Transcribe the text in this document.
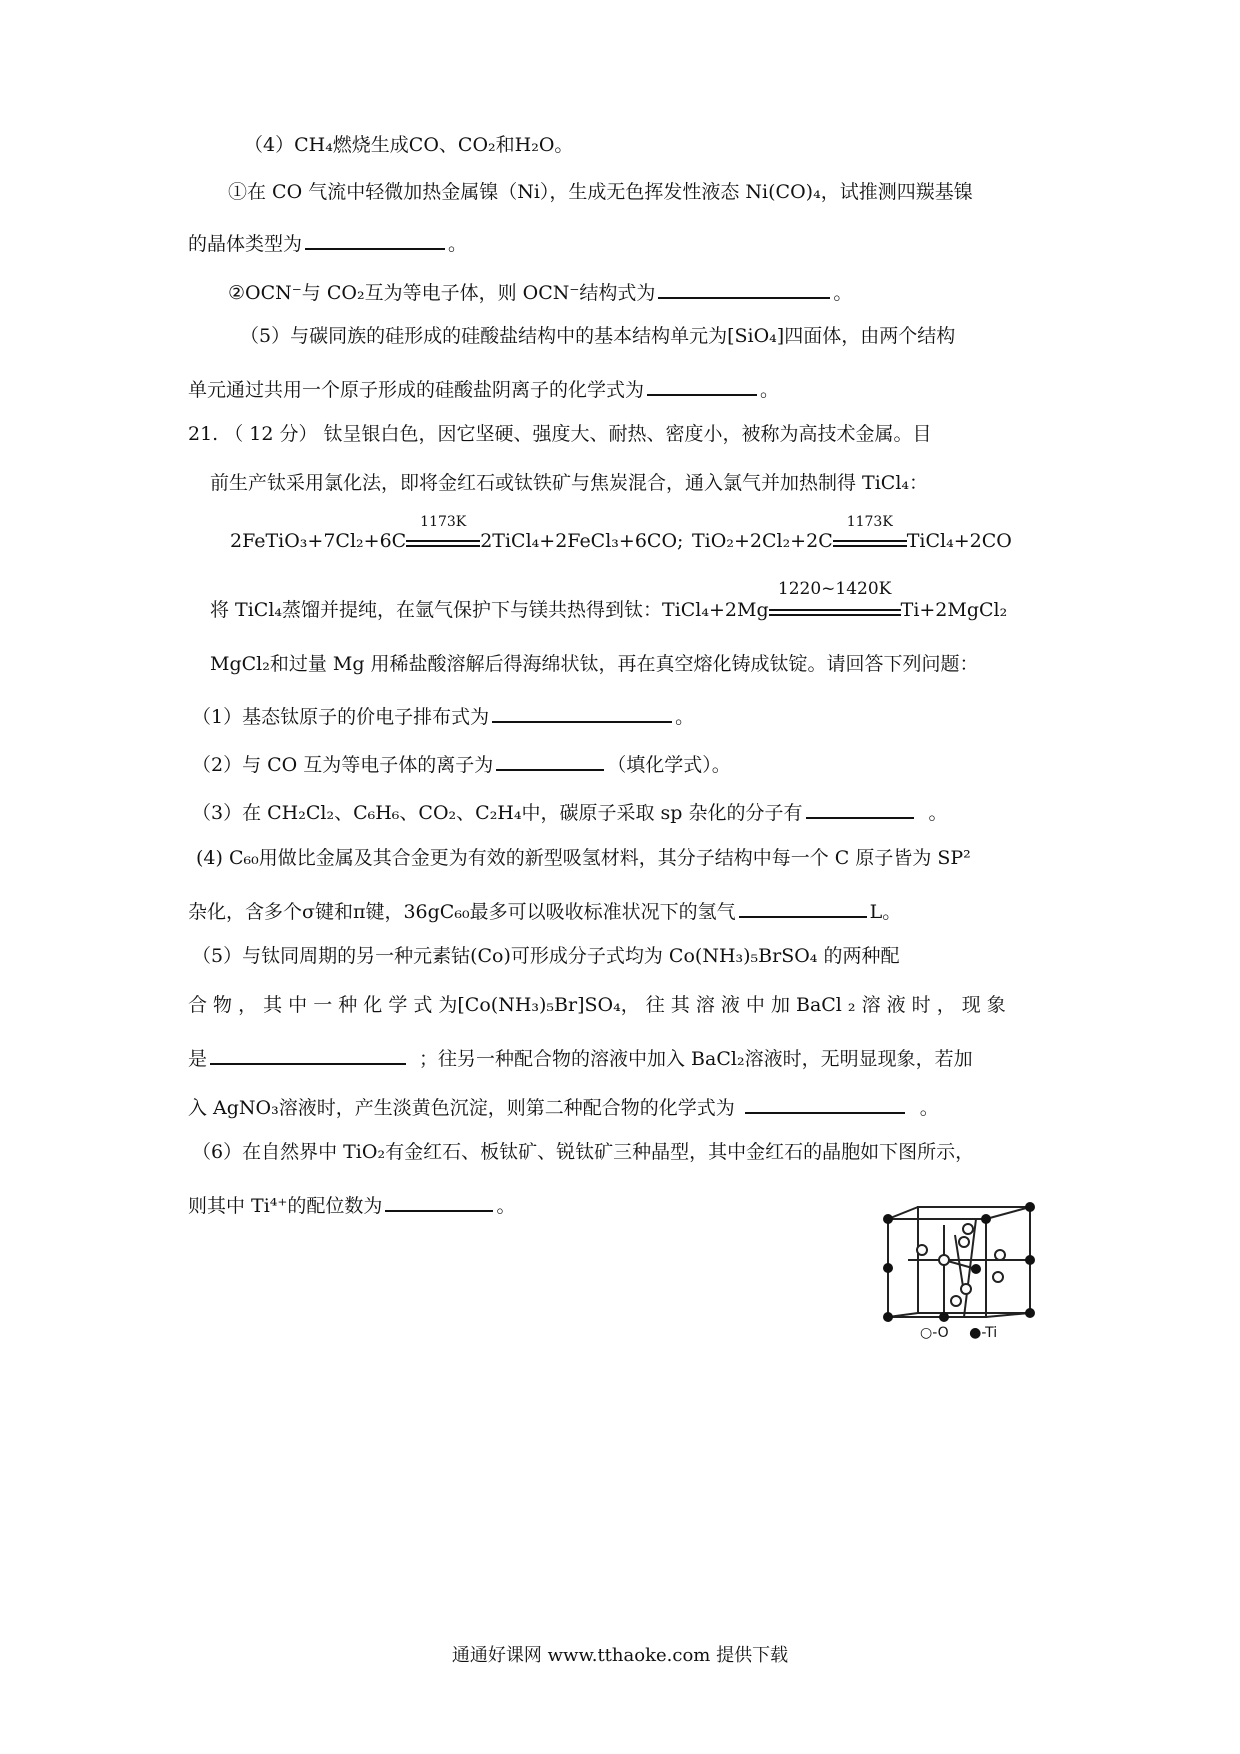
（4）CH₄燃烧生成CO、CO₂和H₂O。
①在 CO 气流中轻微加热金属镍（Ni），生成无色挥发性液态 Ni(CO)₄，试推测四羰基镍
的晶体类型为	。
②OCN⁻与 CO₂互为等电子体，则 OCN⁻结构式为	。
（5）与碳同族的硅形成的硅酸盐结构中的基本结构单元为[SiO₄]四面体，由两个结构
单元通过共用一个原子形成的硅酸盐阴离子的化学式为	。
21. （ 12 分） 钛呈银白色，因它坚硬、强度大、耐热、密度小，被称为高技术金属。目
前生产钛采用氯化法，即将金红石或钛铁矿与焦炭混合，通入氯气并加热制得 TiCl₄：
2FeTiO₃+7Cl₂+6C
1173K
2TiCl₄+2FeCl₃+6CO; TiO₂+2Cl₂+2C
1173K
TiCl₄+2CO
将 TiCl₄蒸馏并提纯，在氩气保护下与镁共热得到钛：TiCl₄+2Mg
1220~1420K
Ti+2MgCl₂
MgCl₂和过量 Mg 用稀盐酸溶解后得海绵状钛，再在真空熔化铸成钛锭。请回答下列问题：
（1）基态钛原子的价电子排布式为	。
（2）与 CO 互为等电子体的离子为	（填化学式）。
（3）在 CH₂Cl₂、C₆H₆、CO₂、C₂H₄中，碳原子采取 sp 杂化的分子有	。
(4) C₆₀用做比金属及其合金更为有效的新型吸氢材料，其分子结构中每一个 C 原子皆为 SP²
杂化，含多个σ键和π键，36gC₆₀最多可以吸收标准状况下的氢气	L。
（5）与钛同周期的另一种元素钴(Co)可形成分子式均为 Co(NH₃)₅BrSO₄ 的两种配
合 物 ， 其 中 一 种 化 学 式 为[Co(NH₃)₅Br]SO₄， 往 其 溶 液 中 加 BaCl ₂ 溶 液 时 ， 现 象
是	；往另一种配合物的溶液中加入 BaCl₂溶液时，无明显现象，若加
入 AgNO₃溶液时，产生淡黄色沉淀，则第二种配合物的化学式为	。
（6）在自然界中 TiO₂有金红石、板钛矿、锐钛矿三种晶型，其中金红石的晶胞如下图所示，
则其中 Ti⁴⁺的配位数为	。
○-O ●-Ti
通通好课网 www.tthaoke.com 提供下载
